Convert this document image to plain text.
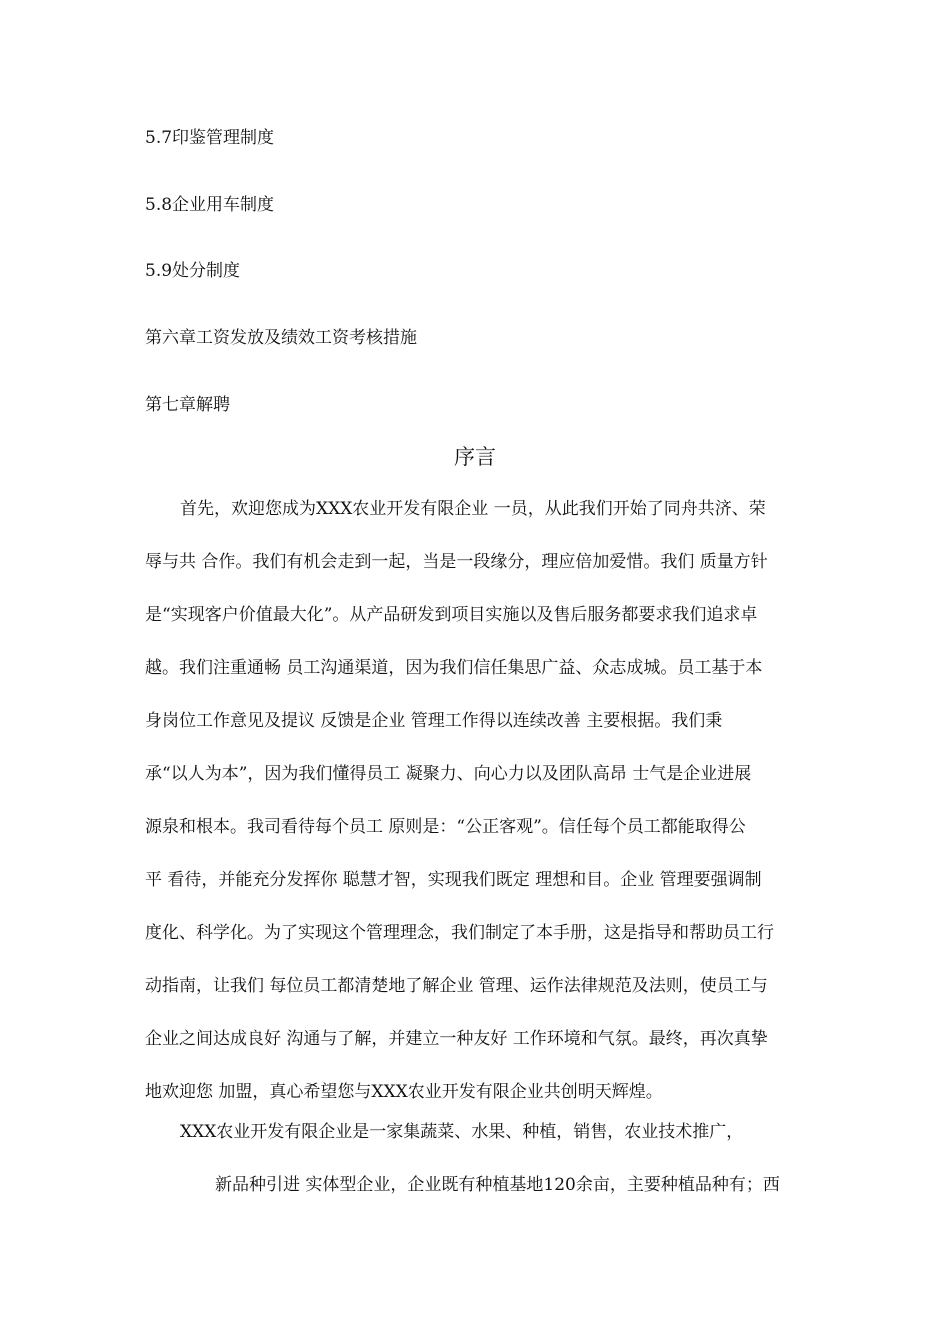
5.7印鉴管理制度

5.8企业用车制度

5.9处分制度

第六章工资发放及绩效工资考核措施

第七章解聘

序言

首先，欢迎您成为XXX农业开发有限企业 一员，从此我们开始了同舟共济、荣

辱与共 合作。我们有机会走到一起，当是一段缘分，理应倍加爱惜。我们 质量方针

是“实现客户价值最大化”。从产品研发到项目实施以及售后服务都要求我们追求卓

越。我们注重通畅 员工沟通渠道，因为我们信任集思广益、众志成城。员工基于本

身岗位工作意见及提议 反馈是企业 管理工作得以连续改善 主要根据。我们秉

承“以人为本”，因为我们懂得员工 凝聚力、向心力以及团队高昂 士气是企业进展

源泉和根本。我司看待每个员工 原则是：“公正客观”。信任每个员工都能取得公

平 看待，并能充分发挥你 聪慧才智，实现我们既定 理想和目。企业 管理要强调制

度化、科学化。为了实现这个管理理念，我们制定了本手册，这是指导和帮助员工行

动指南，让我们 每位员工都清楚地了解企业 管理、运作法律规范及法则，使员工与

企业之间达成良好 沟通与了解，并建立一种友好 工作环境和气氛。最终，再次真挚

地欢迎您 加盟，真心希望您与XXX农业开发有限企业共创明天辉煌。

XXX农业开发有限企业是一家集蔬菜、水果、种植，销售，农业技术推广，

新品种引进 实体型企业，企业既有种植基地120余亩，主要种植品种有；西
